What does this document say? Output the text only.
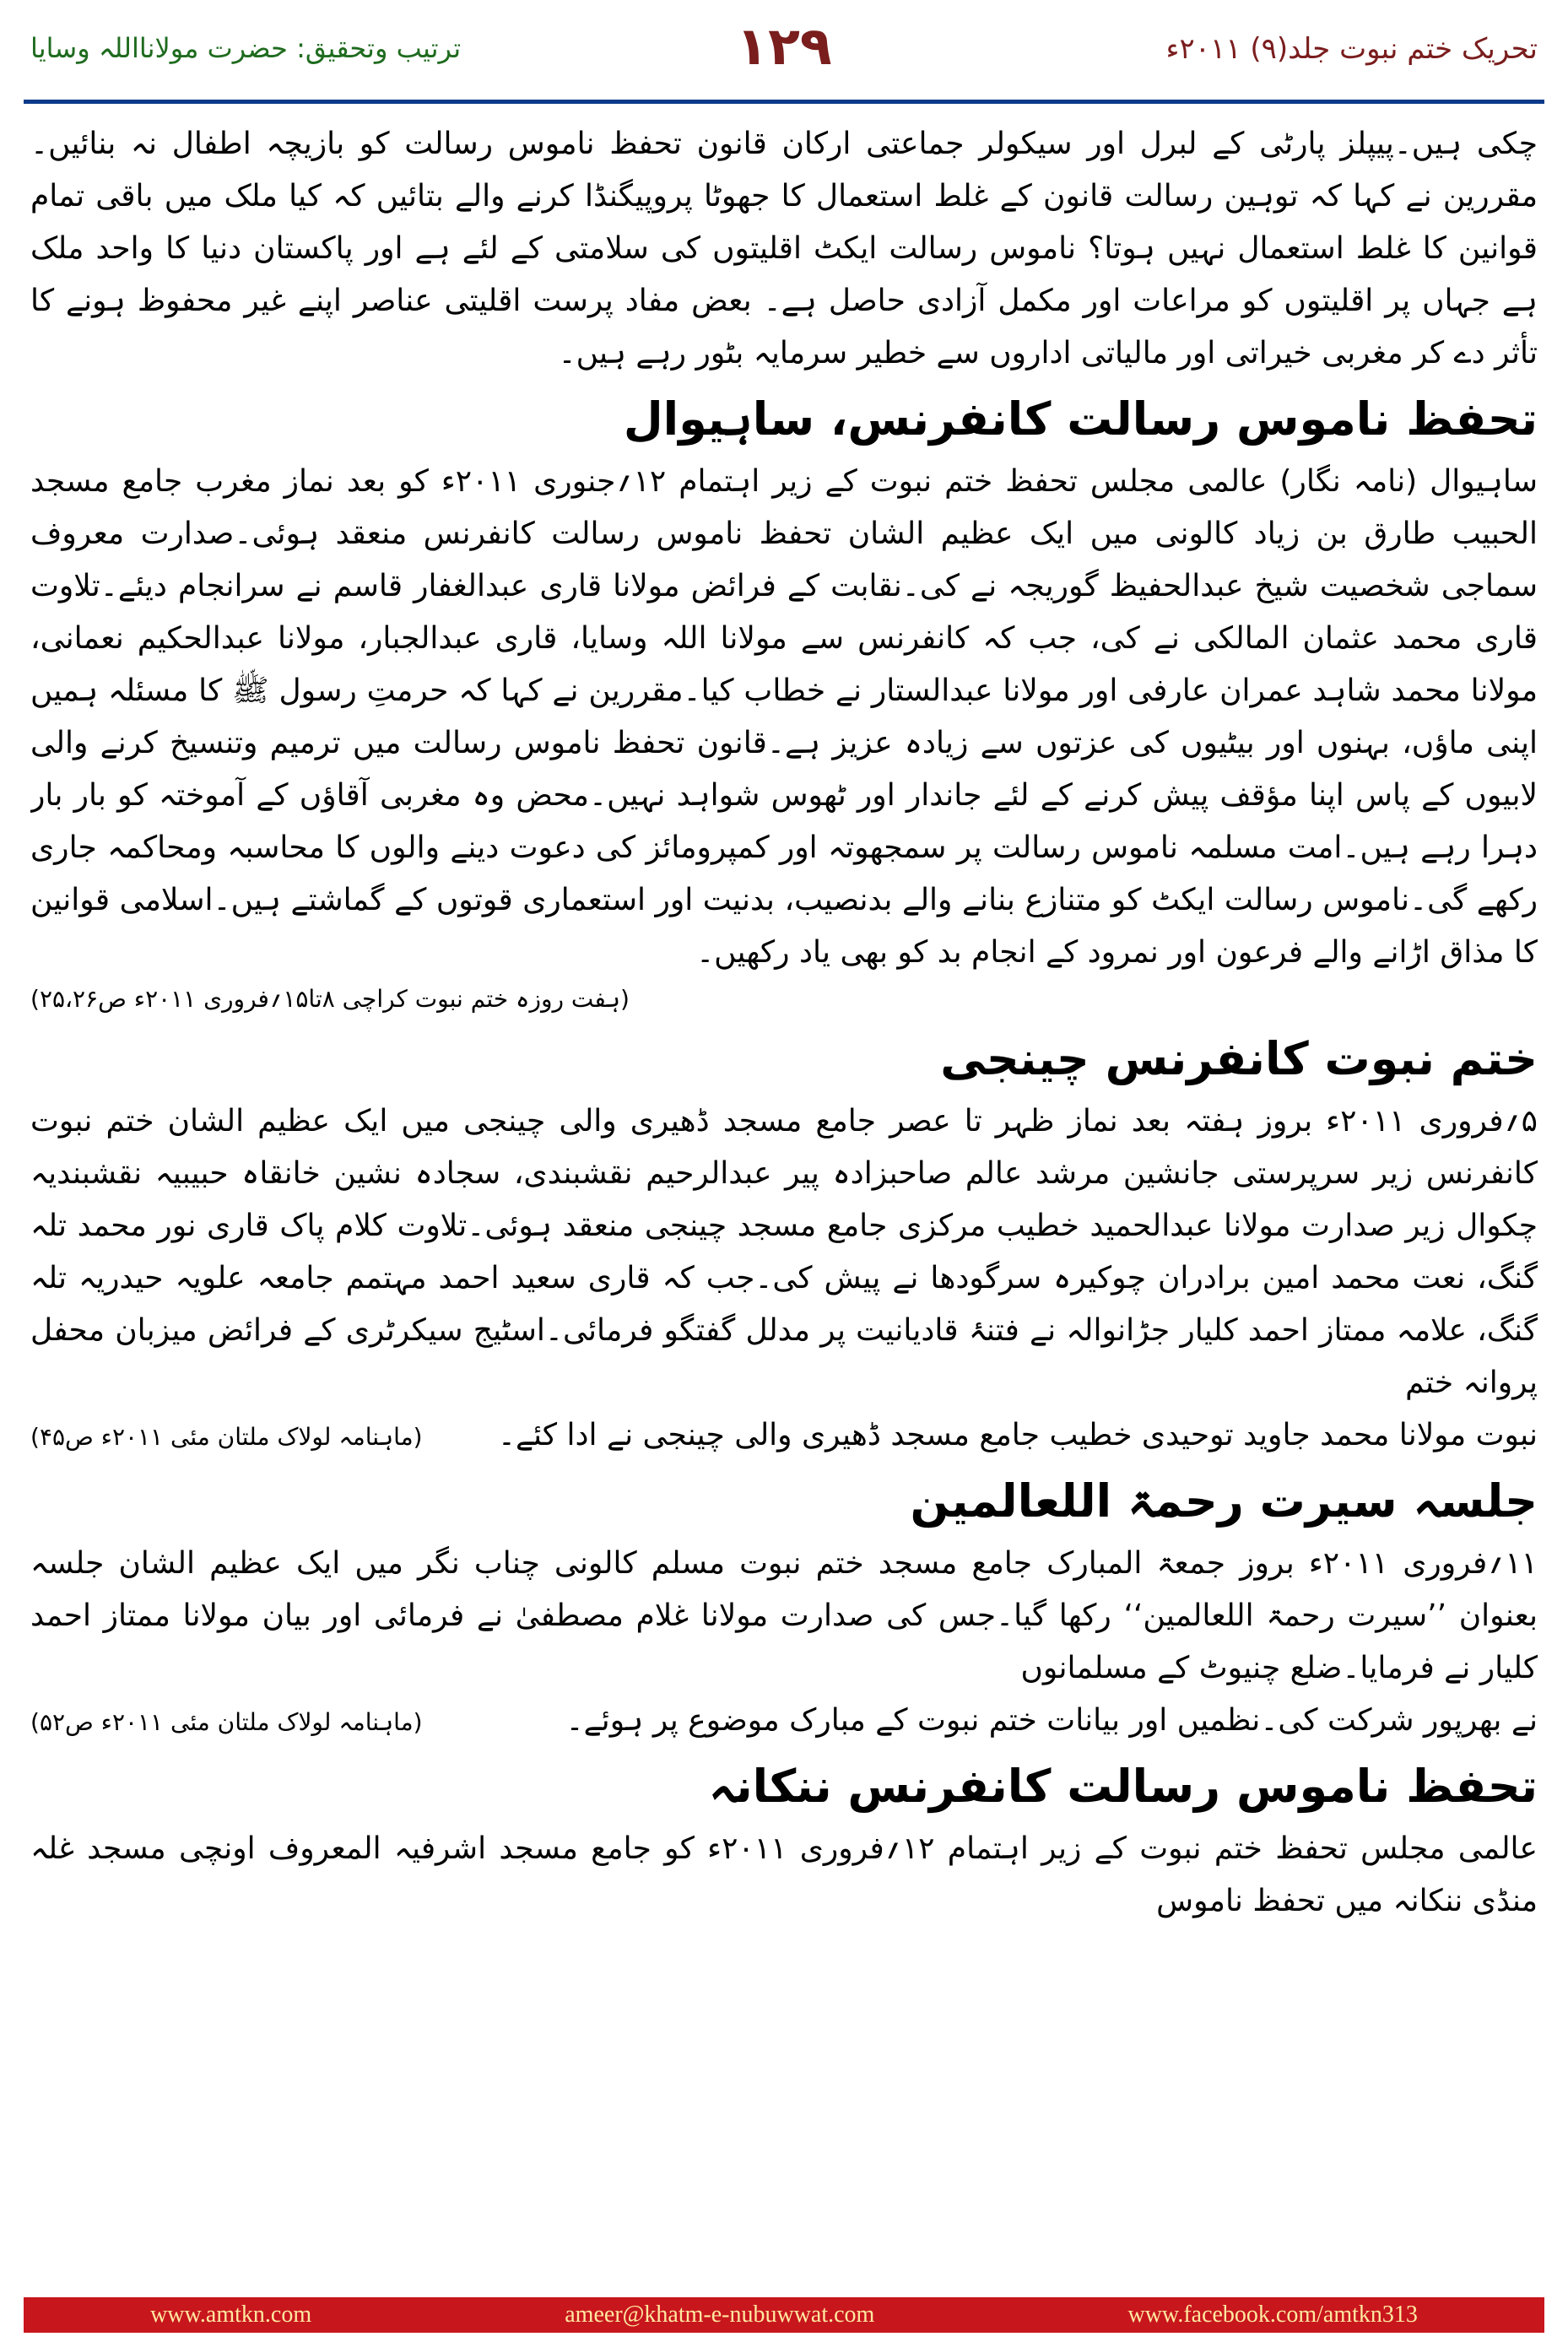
تحریک ختم نبوت جلد(۹) ۲۰۱۱ء
۱۲۹
ترتیب وتحقیق: حضرت مولانااللہ وسایا

چکی ہیں۔پیپلز پارٹی کے لبرل اور سیکولر جماعتی ارکان قانون تحفظ ناموس رسالت کو بازیچہ اطفال نہ بنائیں۔مقررین نے کہا کہ توہین رسالت قانون کے غلط استعمال کا جھوٹا پروپیگنڈا کرنے والے بتائیں کہ کیا ملک میں باقی تمام قوانین کا غلط استعمال نہیں ہوتا؟ ناموس رسالت ایکٹ اقلیتوں کی سلامتی کے لئے ہے اور پاکستان دنیا کا واحد ملک ہے جہاں پر اقلیتوں کو مراعات اور مکمل آزادی حاصل ہے۔ بعض مفاد پرست اقلیتی عناصر اپنے غیر محفوظ ہونے کا تأثر دے کر مغربی خیراتی اور مالیاتی اداروں سے خطیر سرمایہ بٹور رہے ہیں۔

تحفظ ناموس رسالت کانفرنس، ساہیوال

ساہیوال (نامہ نگار) عالمی مجلس تحفظ ختم نبوت کے زیر اہتمام ۱۲؍جنوری ۲۰۱۱ء کو بعد نماز مغرب جامع مسجد الحبیب طارق بن زیاد کالونی میں ایک عظیم الشان تحفظ ناموس رسالت کانفرنس منعقد ہوئی۔صدارت معروف سماجی شخصیت شیخ عبدالحفیظ گوریجہ نے کی۔نقابت کے فرائض مولانا قاری عبدالغفار قاسم نے سرانجام دیئے۔تلاوت قاری محمد عثمان المالکی نے کی، جب کہ کانفرنس سے مولانا اللہ وسایا، قاری عبدالجبار، مولانا عبدالحکیم نعمانی، مولانا محمد شاہد عمران عارفی اور مولانا عبدالستار نے خطاب کیا۔مقررین نے کہا کہ حرمتِ رسول ﷺ کا مسئلہ ہمیں اپنی ماؤں، بہنوں اور بیٹیوں کی عزتوں سے زیادہ عزیز ہے۔قانون تحفظ ناموس رسالت میں ترمیم وتنسیخ کرنے والی لابیوں کے پاس اپنا مؤقف پیش کرنے کے لئے جاندار اور ٹھوس شواہد نہیں۔محض وہ مغربی آقاؤں کے آموختہ کو بار بار دہرا رہے ہیں۔امت مسلمہ ناموس رسالت پر سمجھوتہ اور کمپرومائز کی دعوت دینے والوں کا محاسبہ ومحاکمہ جاری رکھے گی۔ناموس رسالت ایکٹ کو متنازع بنانے والے بدنصیب، بدنیت اور استعماری قوتوں کے گماشتے ہیں۔اسلامی قوانین کا مذاق اڑانے والے فرعون اور نمرود کے انجام بد کو بھی یاد رکھیں۔

(ہفت روزہ ختم نبوت کراچی ۸تا۱۵؍فروری ۲۰۱۱ء ص۲۵،۲۶)

ختم نبوت کانفرنس چینجی

۵؍فروری ۲۰۱۱ء بروز ہفتہ بعد نماز ظہر تا عصر جامع مسجد ڈھیری والی چینجی میں ایک عظیم الشان ختم نبوت کانفرنس زیر سرپرستی جانشین مرشد عالم صاحبزادہ پیر عبدالرحیم نقشبندی، سجادہ نشین خانقاہ حبیبیہ نقشبندیہ چکوال زیر صدارت مولانا عبدالحمید خطیب مرکزی جامع مسجد چینجی منعقد ہوئی۔تلاوت کلام پاک قاری نور محمد تلہ گنگ، نعت محمد امین برادران چوکیرہ سرگودھا نے پیش کی۔جب کہ قاری سعید احمد مہتمم جامعہ علویہ حیدریہ تلہ گنگ، علامہ ممتاز احمد کلیار جڑانوالہ نے فتنۂ قادیانیت پر مدلل گفتگو فرمائی۔اسٹیج سیکرٹری کے فرائض میزبان محفل پروانہ ختم

نبوت مولانا محمد جاوید توحیدی خطیب جامع مسجد ڈھیری والی چینجی نے ادا کئے۔

(ماہنامہ لولاک ملتان مئی ۲۰۱۱ء ص۴۵)
جلسہ سیرت رحمۃ اللعالمین

۱۱؍فروری ۲۰۱۱ء بروز جمعۃ المبارک جامع مسجد ختم نبوت مسلم کالونی چناب نگر میں ایک عظیم الشان جلسہ بعنوان ’’سیرت رحمۃ اللعالمین‘‘ رکھا گیا۔جس کی صدارت مولانا غلام مصطفیٰ نے فرمائی اور بیان مولانا ممتاز احمد کلیار نے فرمایا۔ضلع چنیوٹ کے مسلمانوں

نے بھرپور شرکت کی۔نظمیں اور بیانات ختم نبوت کے مبارک موضوع پر ہوئے۔

(ماہنامہ لولاک ملتان مئی ۲۰۱۱ء ص۵۲)
تحفظ ناموس رسالت کانفرنس ننکانہ

عالمی مجلس تحفظ ختم نبوت کے زیر اہتمام ۱۲؍فروری ۲۰۱۱ء کو جامع مسجد اشرفیہ المعروف اونچی مسجد غلہ منڈی ننکانہ میں تحفظ ناموس

www.amtkn.com	ameer@khatm-e-nubuwwat.com	www.facebook.com/amtkn313
